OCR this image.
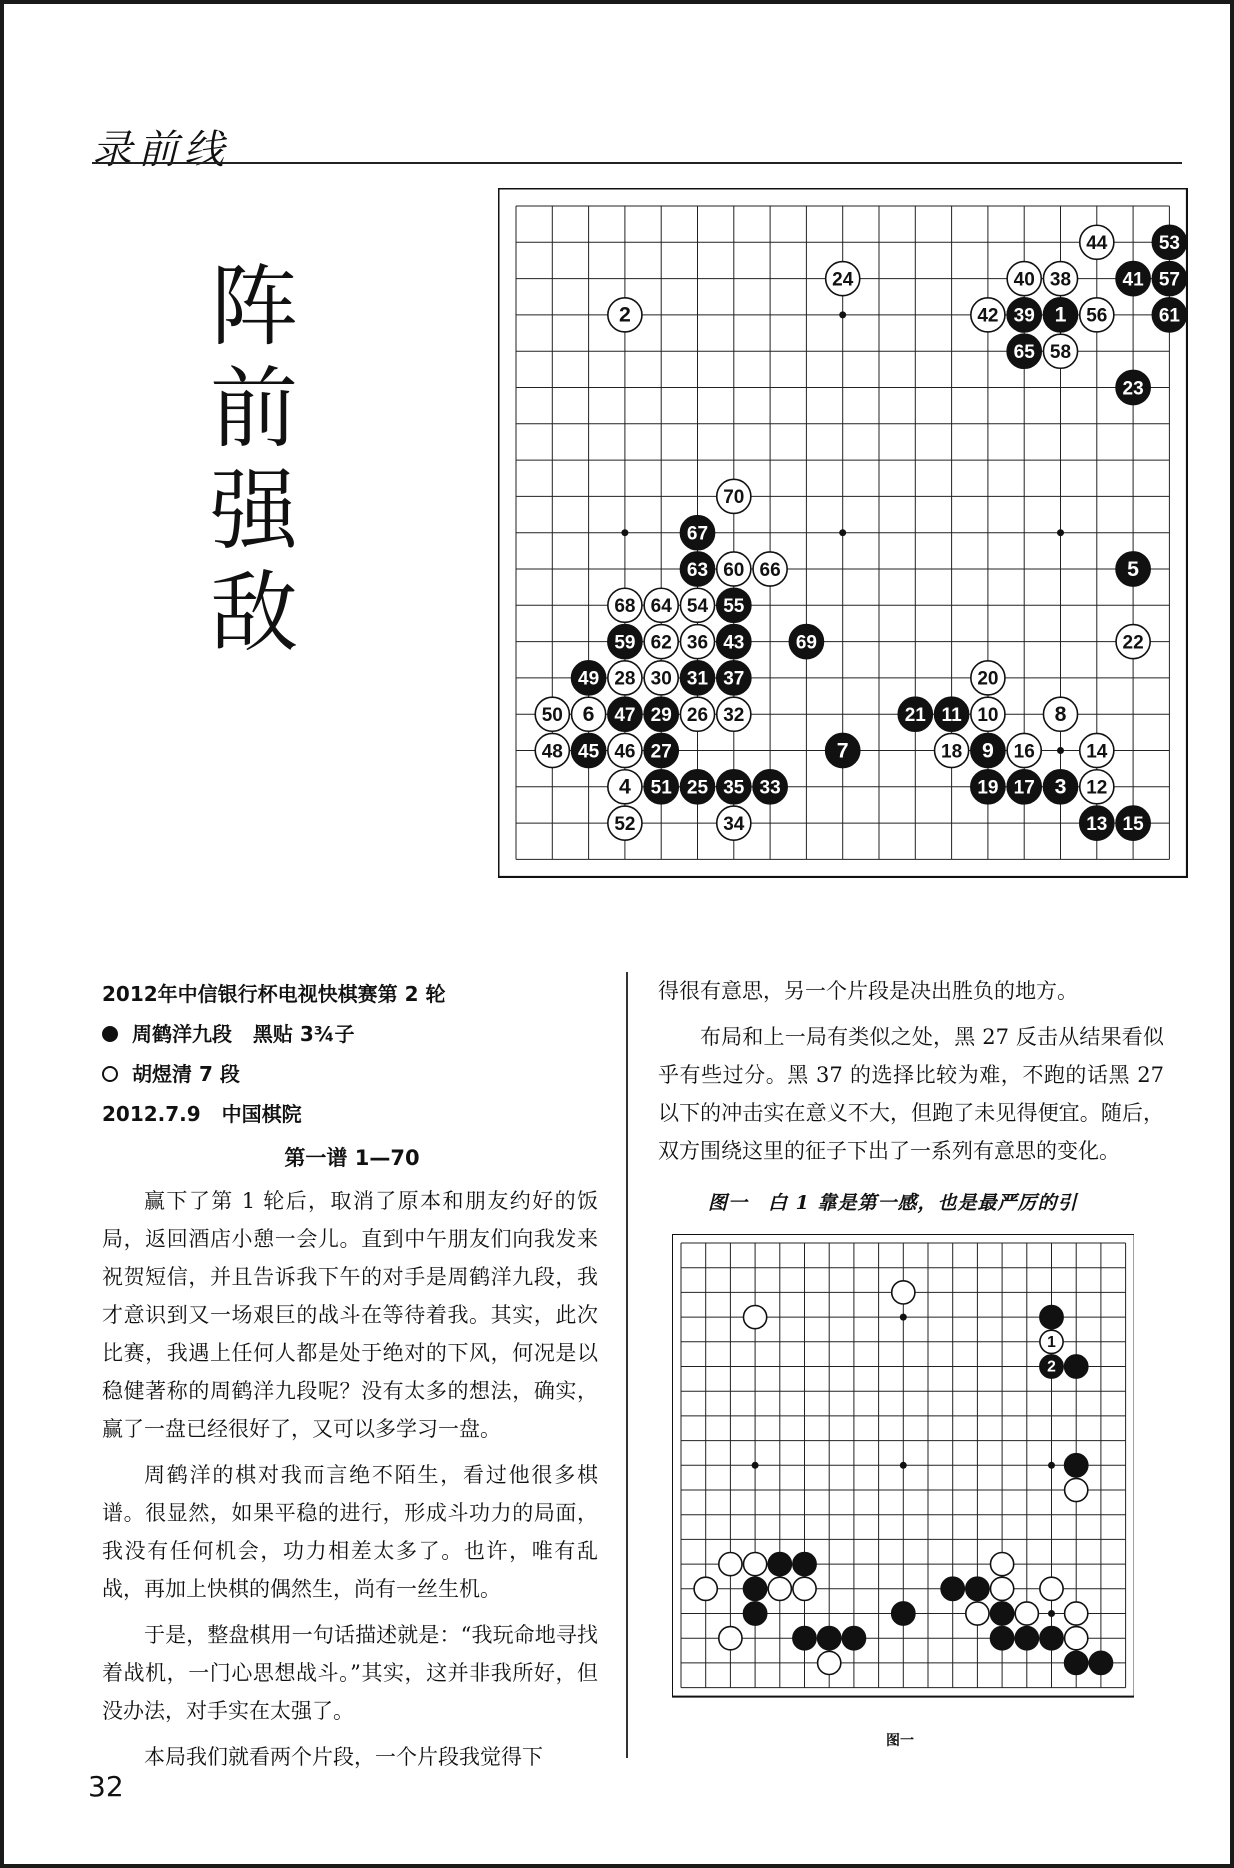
录前线
阵
前
强
敌
53
41 57
39 1	61
65
23
67
63	5
55
59	43	69
49	31 37
47 29	21 11
45	27	7	9
51 25 35 33	19 17 3
13 15
44
24	40 38
2	42	56
58
70
60 66
68 64 54
62 36	22
28 30	20
50 6	26 32	10	8
48	46	18	16	14
4	12
52	34
2012年中信银行杯电视快棋赛第 2 轮
周鹤洋九段 黑贴 3¾子
胡煜清 7 段
2012.7.9 中国棋院
第一谱 1—70

赢下了第 1 轮后，取消了原本和朋友约好的饭局，返回酒店小憩一会儿。直到中午朋友们向我发来祝贺短信，并且告诉我下午的对手是周鹤洋九段，我才意识到又一场艰巨的战斗在等待着我。其实，此次比赛，我遇上任何人都是处于绝对的下风，何况是以稳健著称的周鹤洋九段呢？没有太多的想法，确实，赢了一盘已经很好了，又可以多学习一盘。

周鹤洋的棋对我而言绝不陌生，看过他很多棋谱。很显然，如果平稳的进行，形成斗功力的局面，我没有任何机会，功力相差太多了。也许，唯有乱战，再加上快棋的偶然生，尚有一丝生机。

于是，整盘棋用一句话描述就是：“我玩命地寻找着战机，一门心思想战斗。”其实，这并非我所好，但没办法，对手实在太强了。

本局我们就看两个片段，一个片段我觉得下

得很有意思，另一个片段是决出胜负的地方。

布局和上一局有类似之处，黑 27 反击从结果看似乎有些过分。黑 37 的选择比较为难，不跑的话黑 27 以下的冲击实在意义不大，但跑了未见得便宜。随后，双方围绕这里的征子下出了一系列有意思的变化。

图一　白 1 靠是第一感，也是最严厉的引
1
2
图一
32
